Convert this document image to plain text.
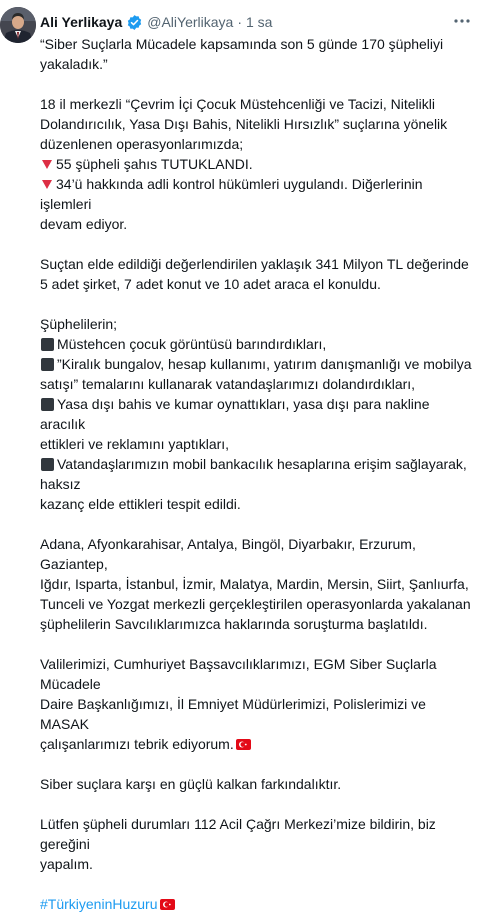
Ali Yerlikaya @AliYerlikaya · 1 sa
“Siber Suçlarla Mücadele kapsamında son 5 günde 170 şüpheliyi
yakaladık.”
18 il merkezli “Çevrim İçi Çocuk Müstehcenliği ve Tacizi, Nitelikli
Dolandırıcılık, Yasa Dışı Bahis, Nitelikli Hırsızlık” suçlarına yönelik
düzenlenen operasyonlarımızda;
55 şüpheli şahıs TUTUKLANDI.
34’ü hakkında adli kontrol hükümleri uygulandı. Diğerlerinin işlemleri
devam ediyor.
Suçtan elde edildiği değerlendirilen yaklaşık 341 Milyon TL değerinde
5 adet şirket, 7 adet konut ve 10 adet araca el konuldu.
Şüphelilerin;
Müstehcen çocuk görüntüsü barındırdıkları,
”Kiralık bungalov, hesap kullanımı, yatırım danışmanlığı ve mobilya
satışı” temalarını kullanarak vatandaşlarımızı dolandırdıkları,
Yasa dışı bahis ve kumar oynattıkları, yasa dışı para nakline aracılık
ettikleri ve reklamını yaptıkları,
Vatandaşlarımızın mobil bankacılık hesaplarına erişim sağlayarak, haksız
kazanç elde ettikleri tespit edildi.
Adana, Afyonkarahisar, Antalya, Bingöl, Diyarbakır, Erzurum, Gaziantep,
Iğdır, Isparta, İstanbul, İzmir, Malatya, Mardin, Mersin, Siirt, Şanlıurfa,
Tunceli ve Yozgat merkezli gerçekleştirilen operasyonlarda yakalanan
şüphelilerin Savcılıklarımızca haklarında soruşturma başlatıldı.
Valilerimizi, Cumhuriyet Başsavcılıklarımızı, EGM Siber Suçlarla Mücadele
Daire Başkanlığımızı, İl Emniyet Müdürlerimizi, Polislerimizi ve MASAK
çalışanlarımızı tebrik ediyorum.
Siber suçlara karşı en güçlü kalkan farkındalıktır.
Lütfen şüpheli durumları 112 Acil Çağrı Merkezi’mize bildirin, biz gereğini
yapalım.
#TürkiyeninHuzuru
